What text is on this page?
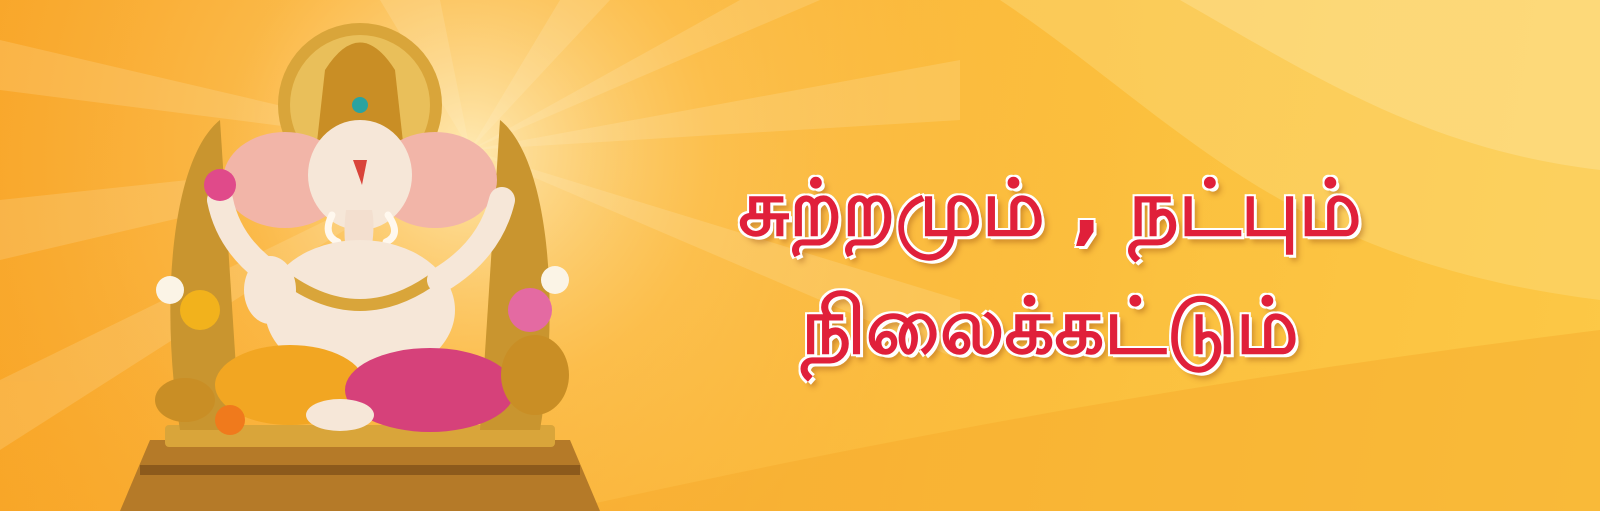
சுற்றமும் , நட்பும்
நிலைக்கட்டும்
